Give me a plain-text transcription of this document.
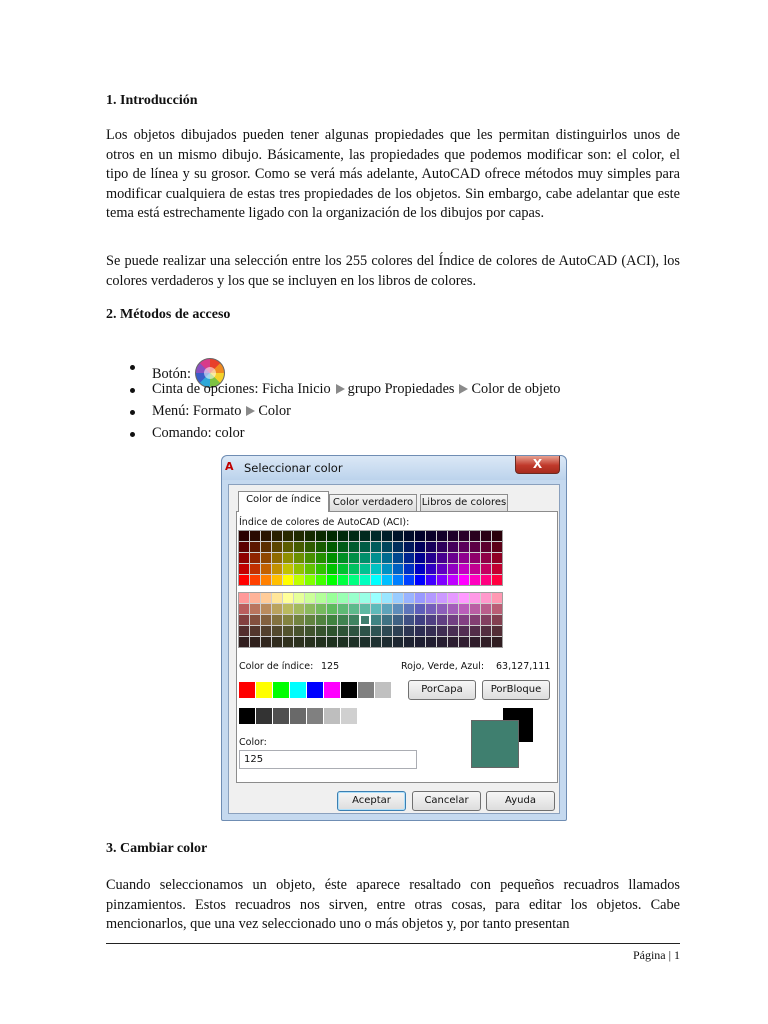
1. Introducción
Los objetos dibujados pueden tener algunas propiedades que les permitan distinguirlos unos de otros en un mismo dibujo. Básicamente, las propiedades que podemos modificar son: el color, el tipo de línea y su grosor. Como se verá más adelante, AutoCAD ofrece métodos muy simples para modificar cualquiera de estas tres propiedades de los objetos. Sin embargo, cabe adelantar que este tema está estrechamente ligado con la organización de los dibujos por capas.
Se puede realizar una selección entre los 255 colores del Índice de colores de AutoCAD (ACI), los colores verdaderos y los que se incluyen en los libros de colores.
2. Métodos de acceso
Botón:
Cinta de opciones: Ficha Inicio grupo Propiedades Color de objeto
Menú: Formato Color
Comando: color
A Seleccionar color	X
Color de índice	Color verdadero Libros de colores
Índice de colores de AutoCAD (ACI):
Color de índice: 125	Rojo, Verde, Azul: 63,127,111
PorCapa	PorBloque
Color:
125
Aceptar	Cancelar	Ayuda
3. Cambiar color
Cuando seleccionamos un objeto, éste aparece resaltado con pequeños recuadros llamados pinzamientos. Estos recuadros nos sirven, entre otras cosas, para editar los objetos. Cabe mencionarlos, que una vez seleccionado uno o más objetos y, por tanto presentan
Página | 1
